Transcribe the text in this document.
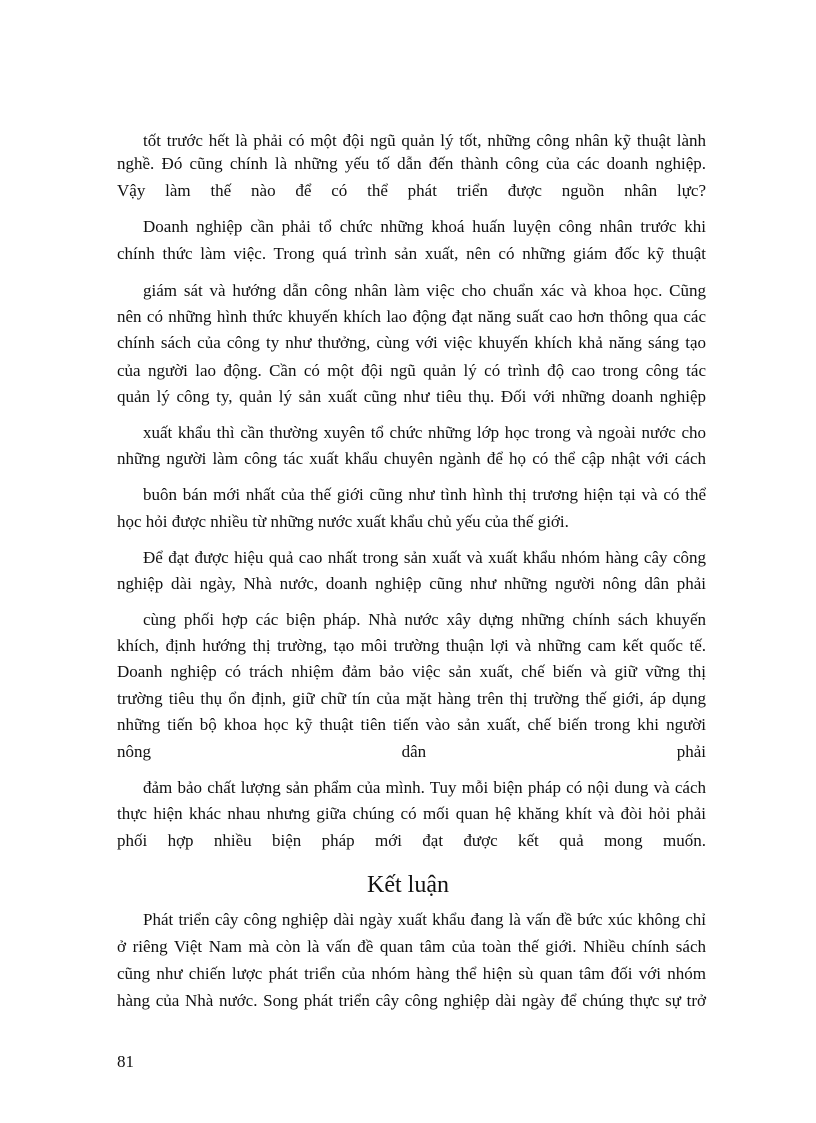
tốt trước hết là phải có một đội ngũ quản lý tốt, những công nhân kỹ thuật lành
nghề. Đó cũng chính là những yếu tố dẫn đến thành công của các doanh nghiệp.
Vậy làm thế nào để có thể phát triển được nguồn nhân lực?
Doanh nghiệp cần phải tổ chức những khoá huấn luyện công nhân trước khi
chính thức làm việc. Trong quá trình sản xuất, nên có những giám đốc kỹ thuật
giám sát và hướng dẫn công nhân làm việc cho chuẩn xác và khoa học. Cũng
nên có những hình thức khuyến khích lao động đạt năng suất cao hơn thông qua các
chính sách của công ty như thưởng, cùng với việc khuyến khích khả năng sáng tạo
của người lao động. Cần có một đội ngũ quản lý có trình độ cao trong công tác
quản lý công ty, quản lý sản xuất cũng như tiêu thụ. Đối với những doanh nghiệp
xuất khẩu thì cần thường xuyên tổ chức những lớp học trong và ngoài nước cho
những người làm công tác xuất khẩu chuyên ngành để họ có thể cập nhật với cách
buôn bán mới nhất của thế giới cũng như tình hình thị trương hiện tại và có thể
học hỏi được nhiều từ những nước xuất khẩu chủ yếu của thế giới.
Để đạt được hiệu quả cao nhất trong sản xuất và xuất khẩu nhóm hàng cây công
nghiệp dài ngày, Nhà nước, doanh nghiệp cũng như những người nông dân phải
cùng phối hợp các biện pháp. Nhà nước xây dựng những chính sách khuyến
khích, định hướng thị trường, tạo môi trường thuận lợi và những cam kết quốc tế.
Doanh nghiệp có trách nhiệm đảm bảo việc sản xuất, chế biến và giữ vững thị
trường tiêu thụ ổn định, giữ chữ tín của mặt hàng trên thị trường thế giới, áp dụng
những tiến bộ khoa học kỹ thuật tiên tiến vào sản xuất, chế biến trong khi người
nông dân phải
đảm bảo chất lượng sản phẩm của mình. Tuy mỗi biện pháp có nội dung và cách
thực hiện khác nhau nhưng giữa chúng có mối quan hệ khăng khít và đòi hỏi phải
phối hợp nhiều biện pháp mới đạt được kết quả mong muốn.
Kết luận
Phát triển cây công nghiệp dài ngày xuất khẩu đang là vấn đề bức xúc không chỉ
ở riêng Việt Nam mà còn là vấn đề quan tâm của toàn thế giới. Nhiều chính sách
cũng như chiến lược phát triển của nhóm hàng thể hiện sù quan tâm đối với nhóm
hàng của Nhà nước. Song phát triển cây công nghiệp dài ngày để chúng thực sự trở
81
